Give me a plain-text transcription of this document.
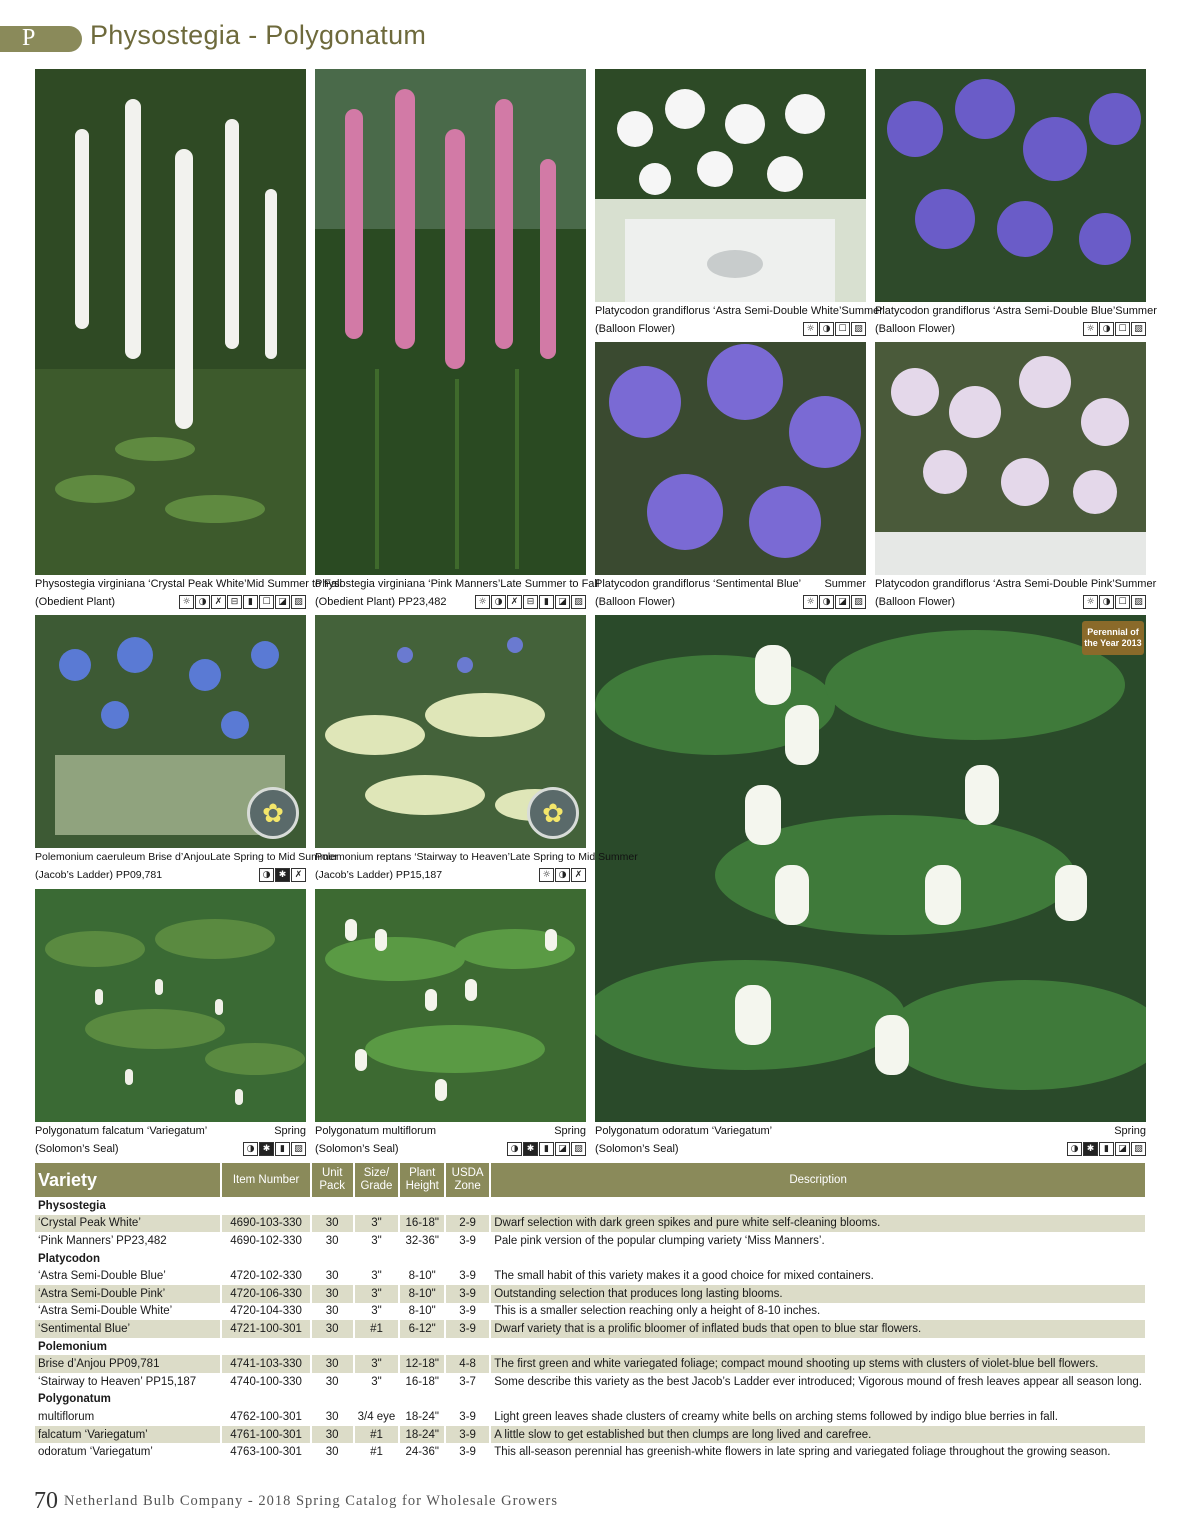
P Physostegia - Polygonatum
✿	✿
Perennial of the Year 2013
Physostegia virginiana ‘Crystal Peak White’ Mid Summer to Fall
(Obedient Plant)	☼ ◑ ✗ ⊟	▮	☐ ◪ ▨
Physostegia virginiana ‘Pink Manners’ Late Summer to Fall
(Obedient Plant) PP23,482	☼ ◑ ✗ ⊟	▮	◪ ▨
Platycodon grandiflorus ‘Astra Semi-Double White’ Summer
(Balloon Flower)	☼ ◑ ☐ ▨
Platycodon grandiflorus ‘Astra Semi-Double Blue’ Summer
(Balloon Flower)	☼ ◑ ☐ ▨
Platycodon grandiflorus ‘Sentimental Blue’ Summer
(Balloon Flower)	☼ ◑ ◪ ▨
Platycodon grandiflorus ‘Astra Semi-Double Pink’ Summer
(Balloon Flower)	☼ ◑ ☐ ▨
Polemonium caeruleum Brise d’Anjou Late Spring to Mid Summer
(Jacob’s Ladder) PP09,781	◑ ✱ ✗
Polemonium reptans ‘Stairway to Heaven’ Late Spring to Mid Summer
(Jacob’s Ladder) PP15,187	☼ ◑ ✗
Polygonatum falcatum ‘Variegatum’	Spring
(Solomon’s Seal)	◑ ✱	▮	▨
Polygonatum multiflorum	Spring
(Solomon’s Seal)	◑ ✱	▮	◪ ▨
Polygonatum odoratum ‘Variegatum’	Spring
(Solomon’s Seal)	◑ ✱	▮	◪ ▨
Variety	Item Number	Unit Pack	Size/ Grade	Plant Height	USDA Zone	Description
Physostegia						
‘Crystal Peak White’	4690-103-330	30	3"	16-18"	2-9	Dwarf selection with dark green spikes and pure white self-cleaning blooms.
‘Pink Manners’ PP23,482	4690-102-330	30	3"	32-36"	3-9	Pale pink version of the popular clumping variety ‘Miss Manners’.
Platycodon						
‘Astra Semi-Double Blue’	4720-102-330	30	3"	8-10"	3-9	The small habit of this variety makes it a good choice for mixed containers.
‘Astra Semi-Double Pink’	4720-106-330	30	3"	8-10"	3-9	Outstanding selection that produces long lasting blooms.
‘Astra Semi-Double White’	4720-104-330	30	3"	8-10"	3-9	This is a smaller selection reaching only a height of 8-10 inches.
‘Sentimental Blue’	4721-100-301	30	#1	6-12"	3-9	Dwarf variety that is a prolific bloomer of inflated buds that open to blue star flowers.
Polemonium						
Brise d’Anjou PP09,781	4741-103-330	30	3"	12-18"	4-8	The first green and white variegated foliage; compact mound shooting up stems with clusters of violet-blue bell flowers.
‘Stairway to Heaven’ PP15,187	4740-100-330	30	3"	16-18"	3-7	Some describe this variety as the best Jacob’s Ladder ever introduced; Vigorous mound of fresh leaves appear all season long.
Polygonatum						
multiflorum	4762-100-301	30	3/4 eye	18-24"	3-9	Light green leaves shade clusters of creamy white bells on arching stems followed by indigo blue berries in fall.
falcatum ‘Variegatum’	4761-100-301	30	#1	18-24"	3-9	A little slow to get established but then clumps are long lived and carefree.
odoratum ‘Variegatum’	4763-100-301	30	#1	24-36"	3-9	This all-season perennial has greenish-white flowers in late spring and variegated foliage throughout the growing season.
70 Netherland Bulb Company - 2018 Spring Catalog for Wholesale Growers
